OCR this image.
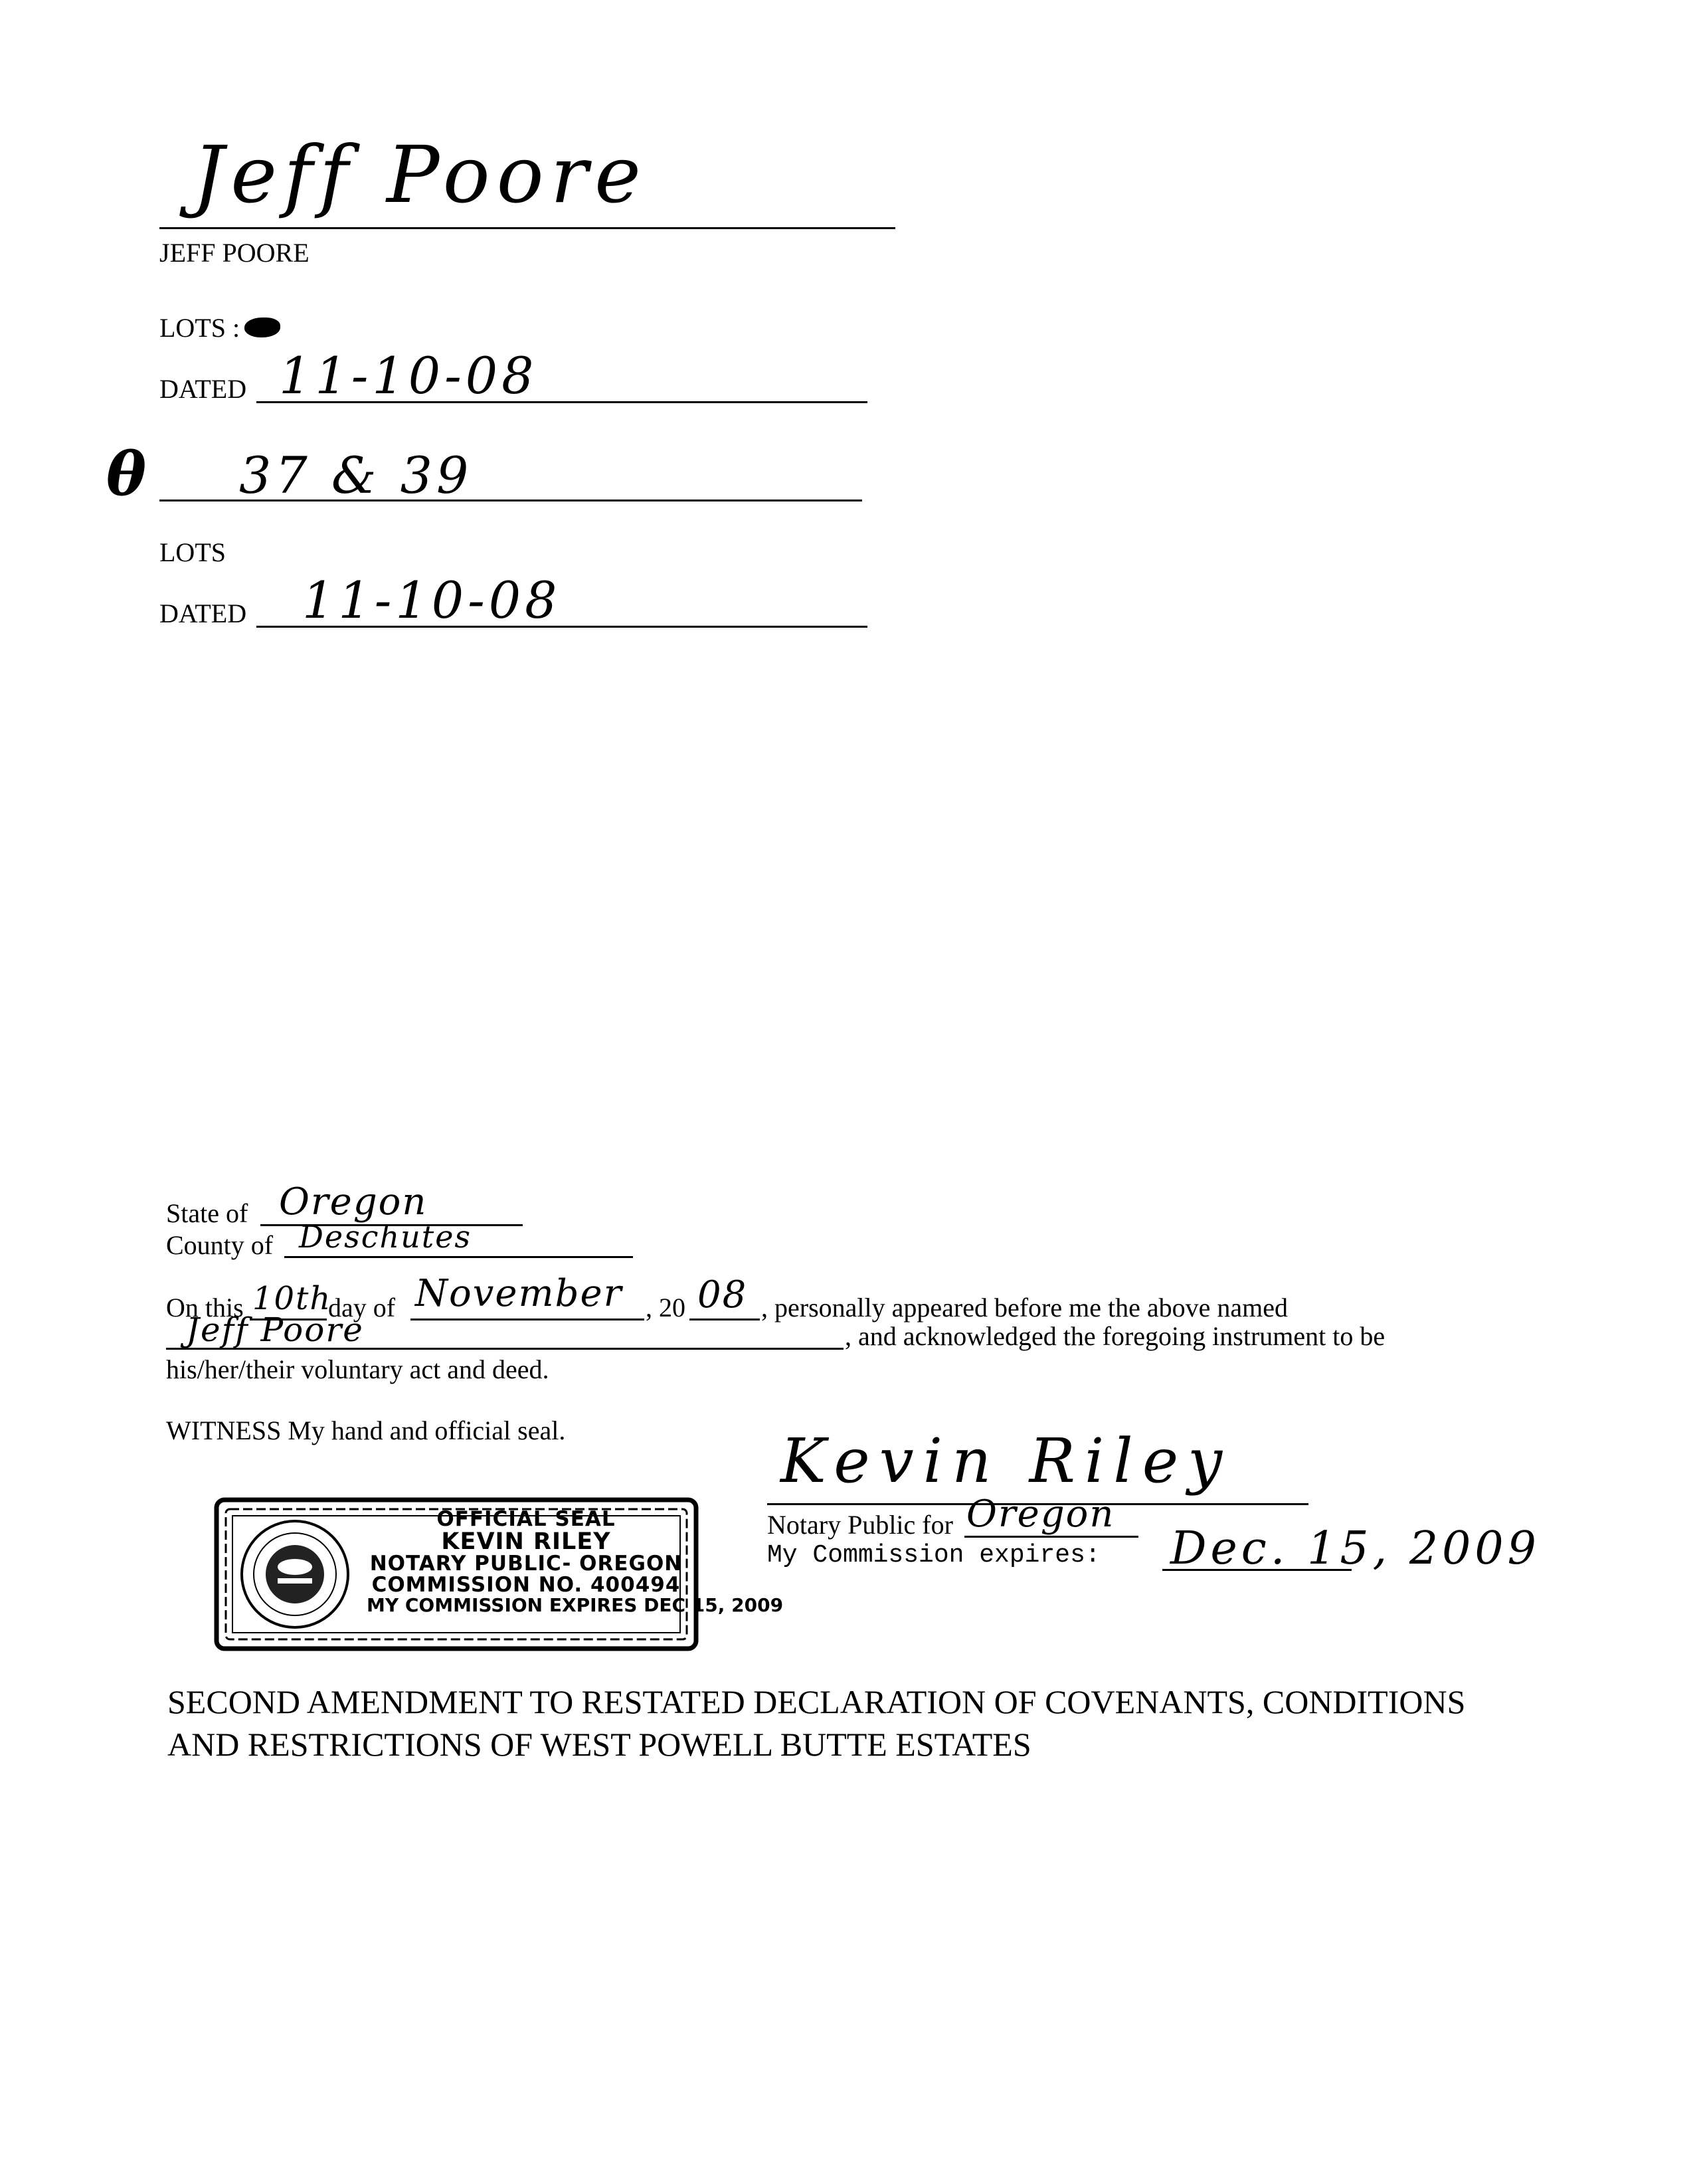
Jeff Poore
JEFF POORE
LOTS :
DATED 11-10-08
θ 37 & 39
LOTS
DATED 11-10-08
State of Oregon
County of Deschutes
On this 10th
day of November , 20 08 , personally appeared before me the above named
Jeff Poore	, and acknowledged the foregoing instrument to be
his/her/their voluntary act and deed.
WITNESS My hand and official seal.	Kevin Riley
Notary Public for Oregon
My Commission expires: Dec. 15, 2009
OFFICIAL SEAL
KEVIN RILEY
NOTARY PUBLIC- OREGON
COMMISSION NO. 400494
MY COMMISSION EXPIRES DEC 15, 2009
SECOND AMENDMENT TO RESTATED DECLARATION OF COVENANTS, CONDITIONS
AND RESTRICTIONS OF WEST POWELL BUTTE ESTATES
